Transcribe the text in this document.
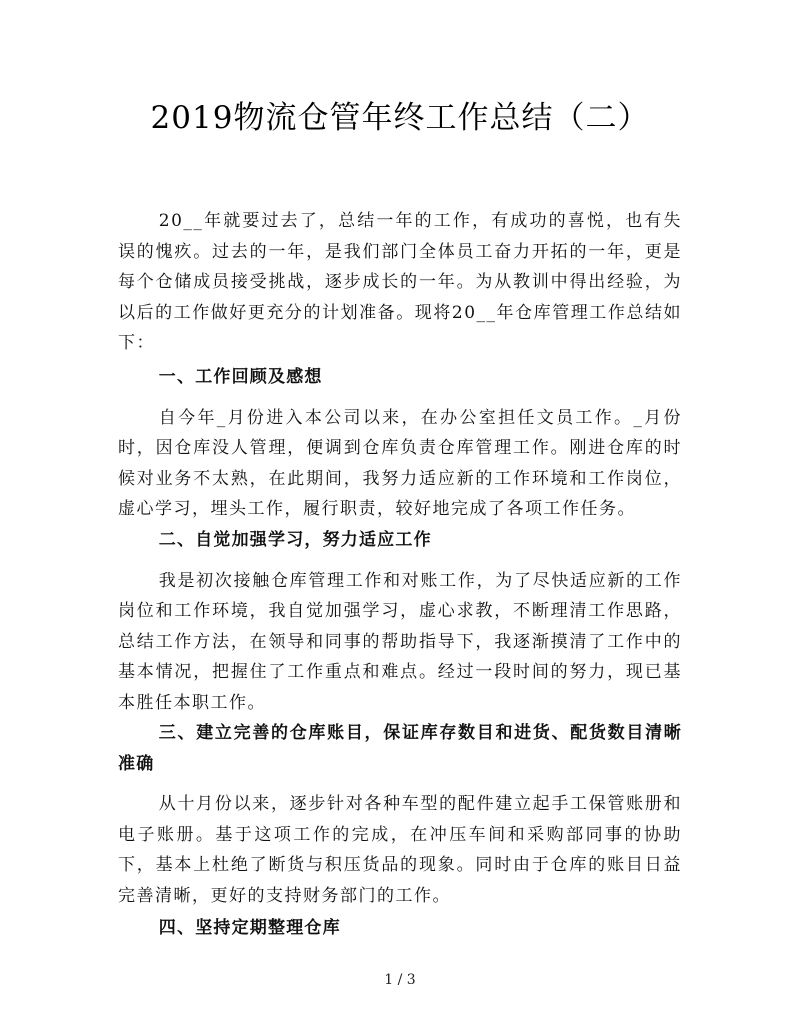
2019物流仓管年终工作总结（二）

20__年就要过去了，总结一年的工作，有成功的喜悦，也有失误的愧疚。过去的一年，是我们部门全体员工奋力开拓的一年，更是每个仓储成员接受挑战，逐步成长的一年。为从教训中得出经验，为以后的工作做好更充分的计划准备。现将20__年仓库管理工作总结如下：

一、工作回顾及感想

自今年_月份进入本公司以来，在办公室担任文员工作。_月份时，因仓库没人管理，便调到仓库负责仓库管理工作。刚进仓库的时候对业务不太熟，在此期间，我努力适应新的工作环境和工作岗位，虚心学习，埋头工作，履行职责，较好地完成了各项工作任务。

二、自觉加强学习，努力适应工作

我是初次接触仓库管理工作和对账工作，为了尽快适应新的工作岗位和工作环境，我自觉加强学习，虚心求教，不断理清工作思路，总结工作方法，在领导和同事的帮助指导下，我逐渐摸清了工作中的基本情况，把握住了工作重点和难点。经过一段时间的努力，现已基本胜任本职工作。

三、建立完善的仓库账目，保证库存数目和进货、配货数目清晰准确

从十月份以来，逐步针对各种车型的配件建立起手工保管账册和电子账册。基于这项工作的完成，在冲压车间和采购部同事的协助下，基本上杜绝了断货与积压货品的现象。同时由于仓库的账目日益完善清晰，更好的支持财务部门的工作。

四、坚持定期整理仓库

1 / 3
